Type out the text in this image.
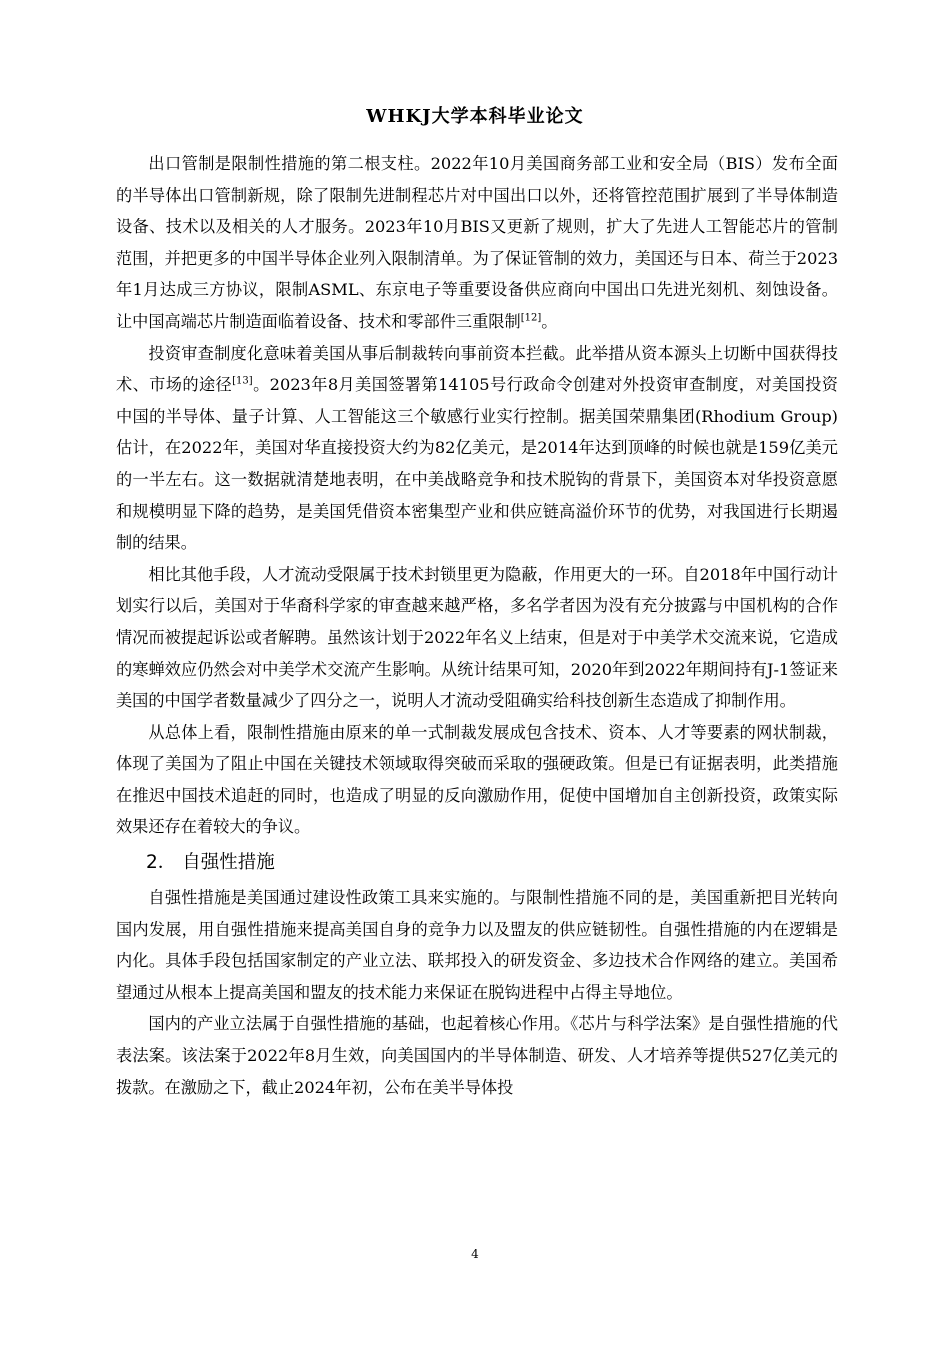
WHKJ大学本科毕业论文

出口管制是限制性措施的第二根支柱。2022年10月美国商务部工业和安全局（BIS）发布全面的半导体出口管制新规，除了限制先进制程芯片对中国出口以外，还将管控范围扩展到了半导体制造设备、技术以及相关的人才服务。2023年10月BIS又更新了规则，扩大了先进人工智能芯片的管制范围，并把更多的中国半导体企业列入限制清单。为了保证管制的效力，美国还与日本、荷兰于2023年1月达成三方协议，限制ASML、东京电子等重要设备供应商向中国出口先进光刻机、刻蚀设备。让中国高端芯片制造面临着设备、技术和零部件三重限制[12]。

投资审查制度化意味着美国从事后制裁转向事前资本拦截。此举措从资本源头上切断中国获得技术、市场的途径[13]。2023年8月美国签署第14105号行政命令创建对外投资审查制度，对美国投资中国的半导体、量子计算、人工智能这三个敏感行业实行控制。据美国荣鼎集团(Rhodium Group)估计，在2022年，美国对华直接投资大约为82亿美元，是2014年达到顶峰的时候也就是159亿美元的一半左右。这一数据就清楚地表明，在中美战略竞争和技术脱钩的背景下，美国资本对华投资意愿和规模明显下降的趋势，是美国凭借资本密集型产业和供应链高溢价环节的优势，对我国进行长期遏制的结果。

相比其他手段，人才流动受限属于技术封锁里更为隐蔽，作用更大的一环。自2018年中国行动计划实行以后，美国对于华裔科学家的审查越来越严格，多名学者因为没有充分披露与中国机构的合作情况而被提起诉讼或者解聘。虽然该计划于2022年名义上结束，但是对于中美学术交流来说，它造成的寒蝉效应仍然会对中美学术交流产生影响。从统计结果可知，2020年到2022年期间持有J-1签证来美国的中国学者数量减少了四分之一，说明人才流动受阻确实给科技创新生态造成了抑制作用。

从总体上看，限制性措施由原来的单一式制裁发展成包含技术、资本、人才等要素的网状制裁，体现了美国为了阻止中国在关键技术领域取得突破而采取的强硬政策。但是已有证据表明，此类措施在推迟中国技术追赶的同时，也造成了明显的反向激励作用，促使中国增加自主创新投资，政策实际效果还存在着较大的争议。

2． 自强性措施

自强性措施是美国通过建设性政策工具来实施的。与限制性措施不同的是，美国重新把目光转向国内发展，用自强性措施来提高美国自身的竞争力以及盟友的供应链韧性。自强性措施的内在逻辑是内化。具体手段包括国家制定的产业立法、联邦投入的研发资金、多边技术合作网络的建立。美国希望通过从根本上提高美国和盟友的技术能力来保证在脱钩进程中占得主导地位。

国内的产业立法属于自强性措施的基础，也起着核心作用。《芯片与科学法案》是自强性措施的代表法案。该法案于2022年8月生效，向美国国内的半导体制造、研发、人才培养等提供527亿美元的拨款。在激励之下，截止2024年初，公布在美半导体投

4
